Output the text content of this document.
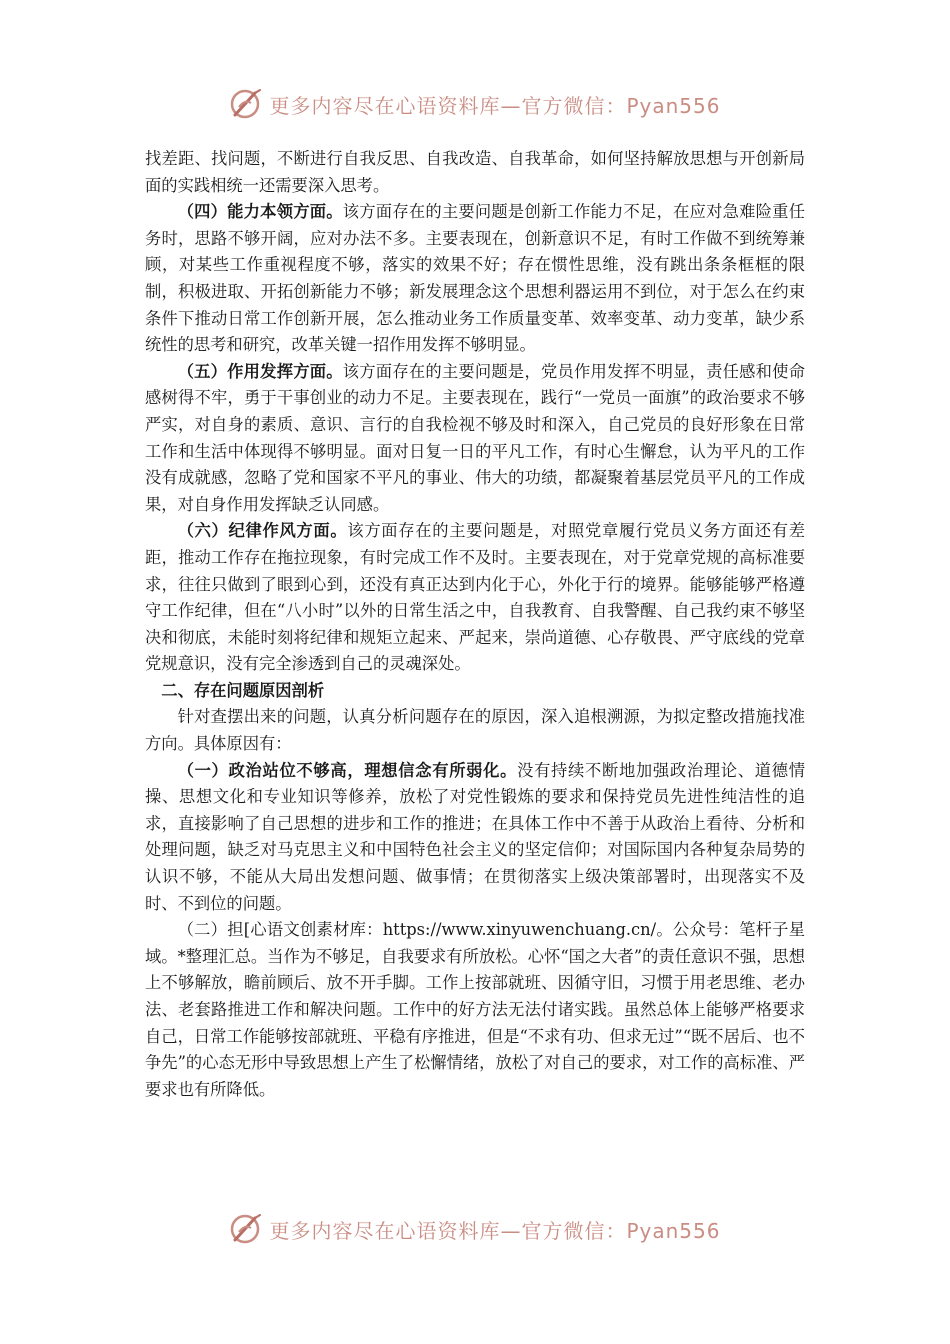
更多内容尽在心语资料库—官方微信：Pyan556

找差距、找问题，不断进行自我反思、自我改造、自我革命，如何坚持解放思想与开创新局面的实践相统一还需要深入思考。

（四）能力本领方面。该方面存在的主要问题是创新工作能力不足，在应对急难险重任务时，思路不够开阔，应对办法不多。主要表现在，创新意识不足，有时工作做不到统筹兼顾，对某些工作重视程度不够，落实的效果不好；存在惯性思维，没有跳出条条框框的限制，积极进取、开拓创新能力不够；新发展理念这个思想利器运用不到位，对于怎么在约束条件下推动日常工作创新开展，怎么推动业务工作质量变革、效率变革、动力变革，缺少系统性的思考和研究，改革关键一招作用发挥不够明显。

（五）作用发挥方面。该方面存在的主要问题是，党员作用发挥不明显，责任感和使命感树得不牢，勇于干事创业的动力不足。主要表现在，践行“一党员一面旗”的政治要求不够严实，对自身的素质、意识、言行的自我检视不够及时和深入，自己党员的良好形象在日常工作和生活中体现得不够明显。面对日复一日的平凡工作，有时心生懈怠，认为平凡的工作没有成就感，忽略了党和国家不平凡的事业、伟大的功绩，都凝聚着基层党员平凡的工作成果，对自身作用发挥缺乏认同感。

（六）纪律作风方面。该方面存在的主要问题是，对照党章履行党员义务方面还有差距，推动工作存在拖拉现象，有时完成工作不及时。主要表现在，对于党章党规的高标准要求，往往只做到了眼到心到，还没有真正达到内化于心，外化于行的境界。能够能够严格遵守工作纪律，但在“八小时”以外的日常生活之中，自我教育、自我警醒、自己我约束不够坚决和彻底，未能时刻将纪律和规矩立起来、严起来，崇尚道德、心存敬畏、严守底线的党章党规意识，没有完全渗透到自己的灵魂深处。

二、存在问题原因剖析

针对查摆出来的问题，认真分析问题存在的原因，深入追根溯源，为拟定整改措施找准方向。具体原因有：

（一）政治站位不够高，理想信念有所弱化。没有持续不断地加强政治理论、道德情操、思想文化和专业知识等修养，放松了对党性锻炼的要求和保持党员先进性纯洁性的追求，直接影响了自己思想的进步和工作的推进；在具体工作中不善于从政治上看待、分析和处理问题，缺乏对马克思主义和中国特色社会主义的坚定信仰；对国际国内各种复杂局势的认识不够，不能从大局出发想问题、做事情；在贯彻落实上级决策部署时，出现落实不及时、不到位的问题。

（二）担[心语文创素材库：https://www.xinyuwenchuang.cn/。公众号：笔杆子星域。*整理汇总。当作为不够足，自我要求有所放松。心怀“国之大者”的责任意识不强，思想上不够解放，瞻前顾后、放不开手脚。工作上按部就班、因循守旧，习惯于用老思维、老办法、老套路推进工作和解决问题。工作中的好方法无法付诸实践。虽然总体上能够严格要求自己，日常工作能够按部就班、平稳有序推进，但是“不求有功、但求无过”“既不居后、也不争先”的心态无形中导致思想上产生了松懈情绪，放松了对自己的要求，对工作的高标准、严要求也有所降低。

更多内容尽在心语资料库—官方微信：Pyan556
